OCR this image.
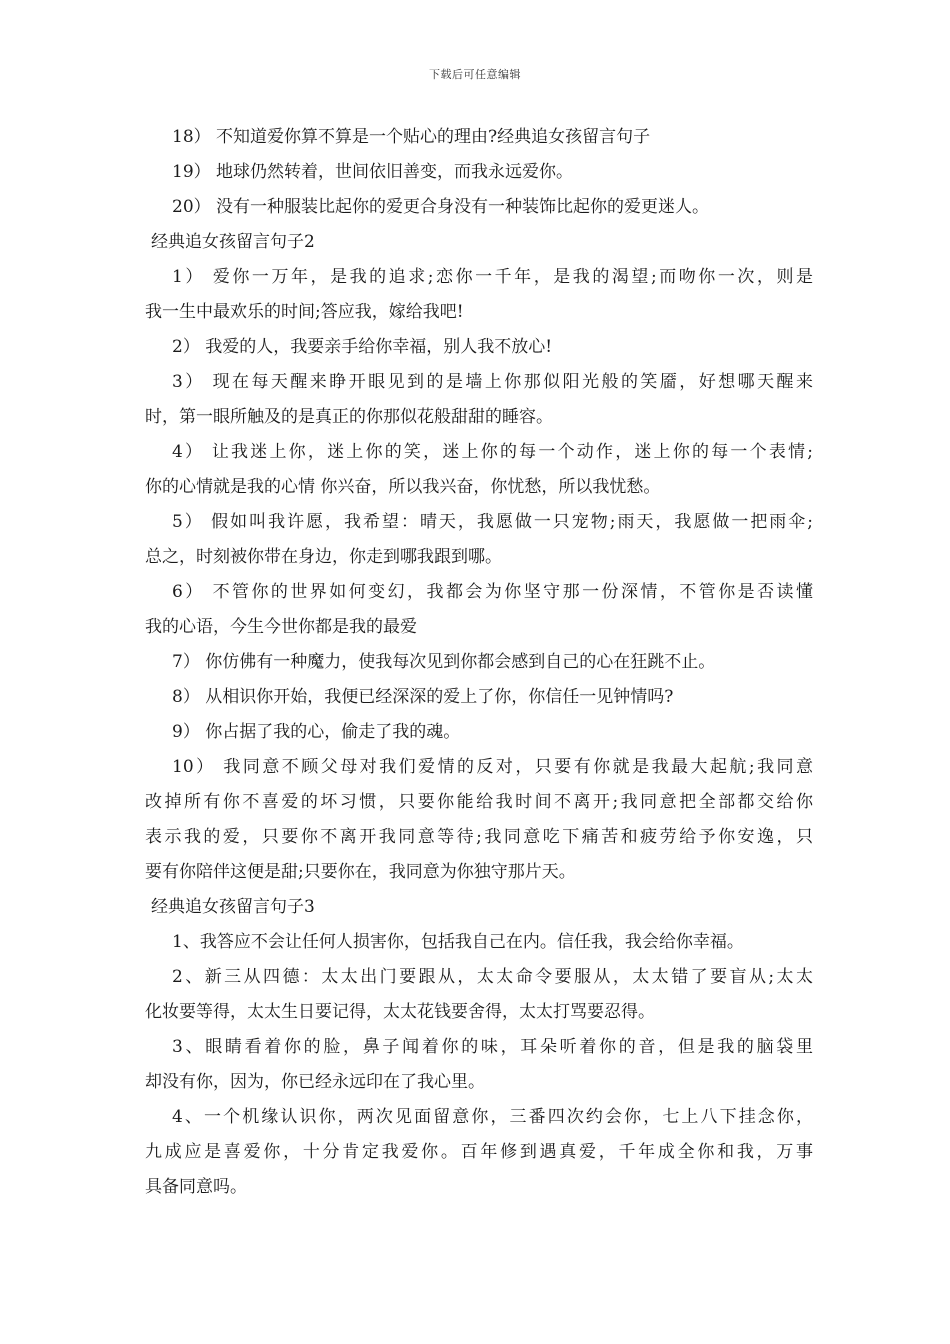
下载后可任意编辑
18） 不知道爱你算不算是一个贴心的理由?经典追女孩留言句子
19） 地球仍然转着，世间依旧善变，而我永远爱你。
20） 没有一种服装比起你的爱更合身没有一种装饰比起你的爱更迷人。
经典追女孩留言句子2
1） 爱你一万年，是我的追求;恋你一千年，是我的渴望;而吻你一次，则是
我一生中最欢乐的时间;答应我，嫁给我吧!
2） 我爱的人，我要亲手给你幸福，别人我不放心!
3） 现在每天醒来睁开眼见到的是墙上你那似阳光般的笑靥，好想哪天醒来
时，第一眼所触及的是真正的你那似花般甜甜的睡容。
4） 让我迷上你，迷上你的笑，迷上你的每一个动作，迷上你的每一个表情;
你的心情就是我的心情 你兴奋，所以我兴奋，你忧愁，所以我忧愁。
5） 假如叫我许愿，我希望：晴天，我愿做一只宠物;雨天，我愿做一把雨伞;
总之，时刻被你带在身边，你走到哪我跟到哪。
6） 不管你的世界如何变幻，我都会为你坚守那一份深情，不管你是否读懂
我的心语，今生今世你都是我的最爱
7） 你仿佛有一种魔力，使我每次见到你都会感到自己的心在狂跳不止。
8） 从相识你开始，我便已经深深的爱上了你，你信任一见钟情吗?
9） 你占据了我的心，偷走了我的魂。
10） 我同意不顾父母对我们爱情的反对，只要有你就是我最大起航;我同意
改掉所有你不喜爱的坏习惯，只要你能给我时间不离开;我同意把全部都交给你
表示我的爱，只要你不离开我同意等待;我同意吃下痛苦和疲劳给予你安逸，只
要有你陪伴这便是甜;只要你在，我同意为你独守那片天。
经典追女孩留言句子3
1、我答应不会让任何人损害你，包括我自己在内。信任我，我会给你幸福。
2、新三从四德：太太出门要跟从，太太命令要服从，太太错了要盲从;太太
化妆要等得，太太生日要记得，太太花钱要舍得，太太打骂要忍得。
3、眼睛看着你的脸，鼻子闻着你的味，耳朵听着你的音，但是我的脑袋里
却没有你，因为，你已经永远印在了我心里。
4、一个机缘认识你，两次见面留意你，三番四次约会你，七上八下挂念你，
九成应是喜爱你，十分肯定我爱你。百年修到遇真爱，千年成全你和我，万事
具备同意吗。
